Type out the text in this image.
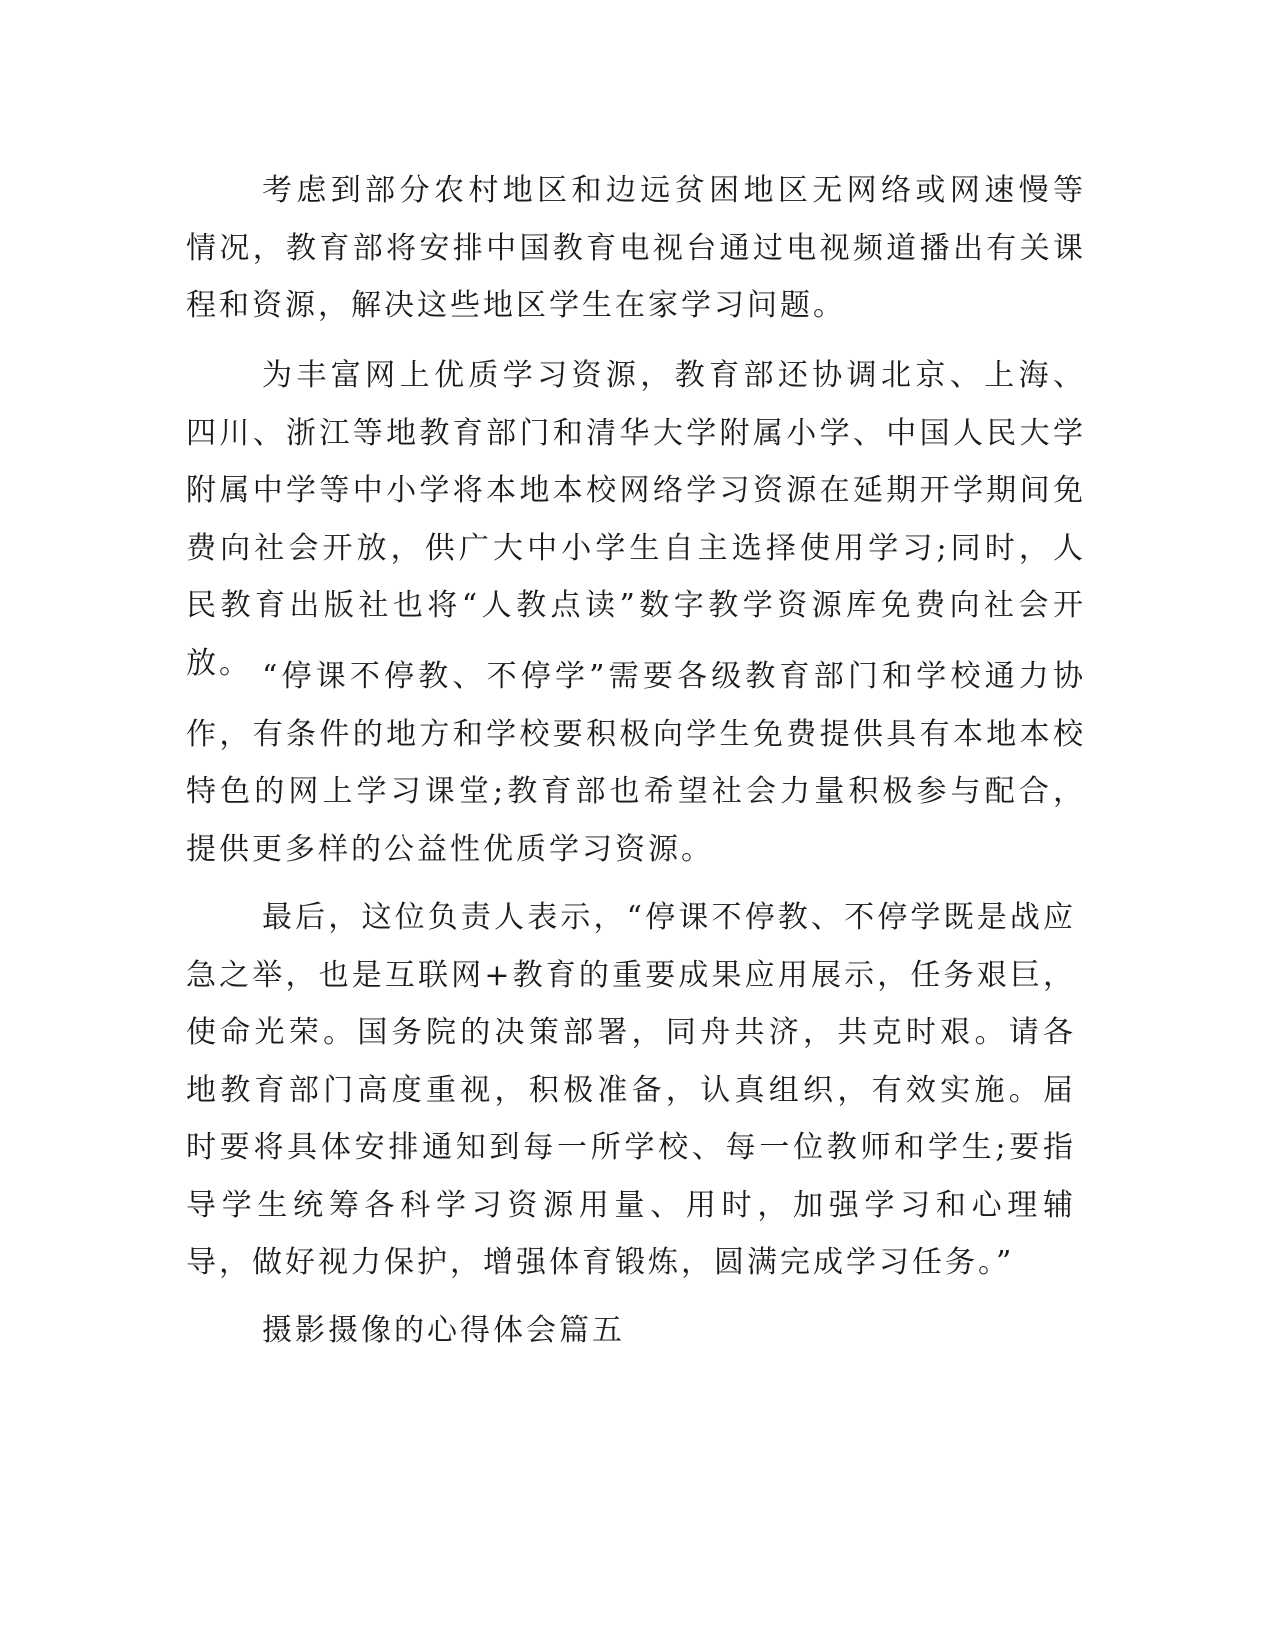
考虑到部分农村地区和边远贫困地区无网络或网速慢等情况，教育部将安排中国教育电视台通过电视频道播出有关课程和资源，解决这些地区学生在家学习问题。

为丰富网上优质学习资源，教育部还协调北京、上海、四川、浙江等地教育部门和清华大学附属小学、中国人民大学附属中学等中小学将本地本校网络学习资源在延期开学期间免费向社会开放，供广大中小学生自主选择使用学习;同时，人民教育出版社也将“人教点读”数字教学资源库免费向社会开放。 “停课不停教、不停学”需要各级教育部门和学校通力协作，有条件的地方和学校要积极向学生免费提供具有本地本校特色的网上学习课堂;教育部也希望社会力量积极参与配合，提供更多样的公益性优质学习资源。

最后，这位负责人表示，“停课不停教、不停学既是战应急之举，也是互联网+教育的重要成果应用展示，任务艰巨，使命光荣。国务院的决策部署，同舟共济，共克时艰。请各地教育部门高度重视，积极准备，认真组织，有效实施。届时要将具体安排通知到每一所学校、每一位教师和学生;要指导学生统筹各科学习资源用量、用时，加强学习和心理辅导，做好视力保护，增强体育锻炼，圆满完成学习任务。”

摄影摄像的心得体会篇五
